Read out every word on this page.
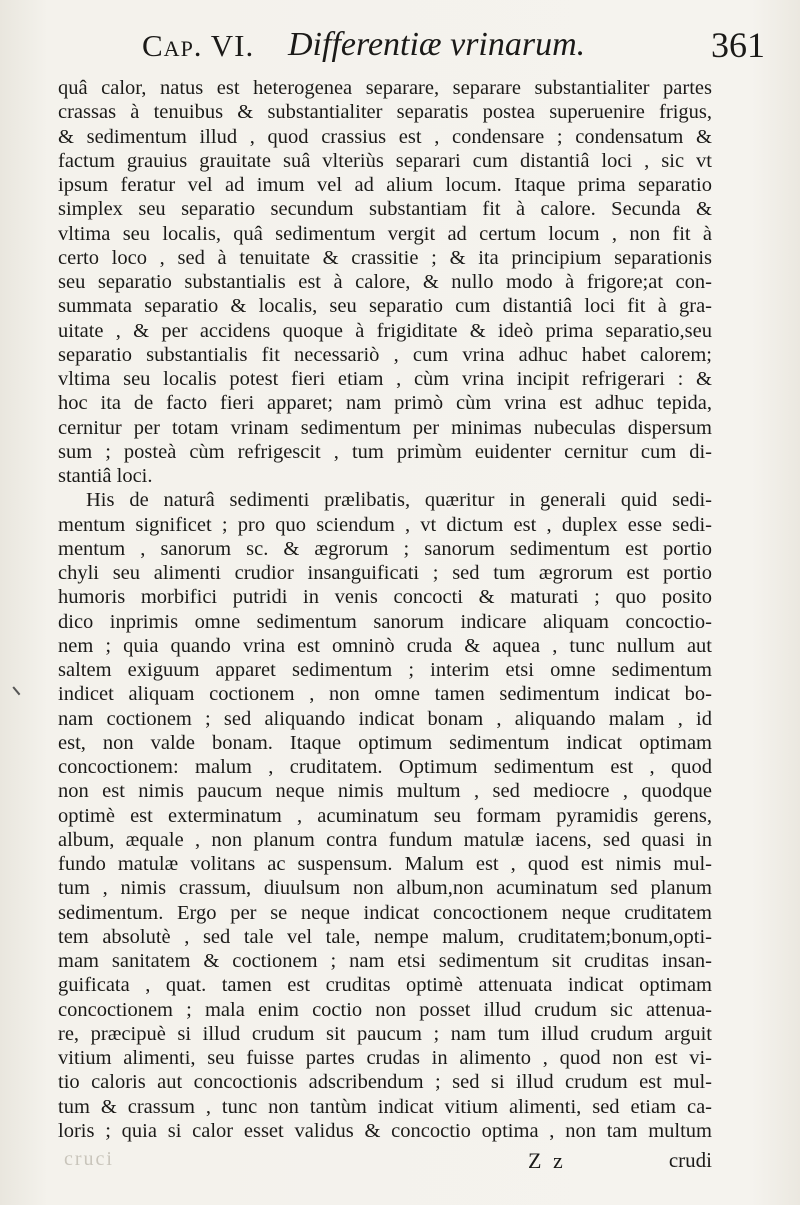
Cap. VI. Differentiæ vrinarum.	361
quâ calor, natus est heterogenea separare, separare substantialiter partes
crassas à tenuibus & substantialiter separatis postea superuenire frigus,
& sedimentum illud , quod crassius est , condensare ; condensatum &
factum grauius grauitate suâ vlteriùs separari cum distantiâ loci , sic vt
ipsum feratur vel ad imum vel ad alium locum. Itaque prima separatio
simplex seu separatio secundum substantiam fit à calore. Secunda &
vltima seu localis, quâ sedimentum vergit ad certum locum , non fit à
certo loco , sed à tenuitate & crassitie ; & ita principium separationis
seu separatio substantialis est à calore, & nullo modo à frigore;at con-
summata separatio & localis, seu separatio cum distantiâ loci fit à gra-
uitate , & per accidens quoque à frigiditate & ideò prima separatio,seu
separatio substantialis fit necessariò , cum vrina adhuc habet calorem;
vltima seu localis potest fieri etiam , cùm vrina incipit refrigerari : &
hoc ita de facto fieri apparet; nam primò cùm vrina est adhuc tepida,
cernitur per totam vrinam sedimentum per minimas nubeculas dispersum
sum ; posteà cùm refrigescit , tum primùm euidenter cernitur cum di-
stantiâ loci.
His de naturâ sedimenti prælibatis, quæritur in generali quid sedi-
mentum significet ; pro quo sciendum , vt dictum est , duplex esse sedi-
mentum , sanorum sc. & ægrorum ; sanorum sedimentum est portio
chyli seu alimenti crudior insanguificati ; sed tum ægrorum est portio
humoris morbifici putridi in venis concocti & maturati ; quo posito
dico inprimis omne sedimentum sanorum indicare aliquam concoctio-
nem ; quia quando vrina est omninò cruda & aquea , tunc nullum aut
saltem exiguum apparet sedimentum ; interim etsi omne sedimentum
indicet aliquam coctionem , non omne tamen sedimentum indicat bo-
nam coctionem ; sed aliquando indicat bonam , aliquando malam , id
est, non valde bonam. Itaque optimum sedimentum indicat optimam
concoctionem: malum , cruditatem. Optimum sedimentum est , quod
non est nimis paucum neque nimis multum , sed mediocre , quodque
optimè est exterminatum , acuminatum seu formam pyramidis gerens,
album, æquale , non planum contra fundum matulæ iacens, sed quasi in
fundo matulæ volitans ac suspensum. Malum est , quod est nimis mul-
tum , nimis crassum, diuulsum non album,non acuminatum sed planum
sedimentum. Ergo per se neque indicat concoctionem neque cruditatem
tem absolutè , sed tale vel tale, nempe malum, cruditatem;bonum,opti-
mam sanitatem & coctionem ; nam etsi sedimentum sit cruditas insan-
guificata , quat. tamen est cruditas optimè attenuata indicat optimam
concoctionem ; mala enim coctio non posset illud crudum sic attenua-
re, præcipuè si illud crudum sit paucum ; nam tum illud crudum arguit
vitium alimenti, seu fuisse partes crudas in alimento , quod non est vi-
tio caloris aut concoctionis adscribendum ; sed si illud crudum est mul-
tum & crassum , tunc non tantùm indicat vitium alimenti, sed etiam ca-
loris ; quia si calor esset validus & concoctio optima , non tam multum
cruci	Z z	crudi
